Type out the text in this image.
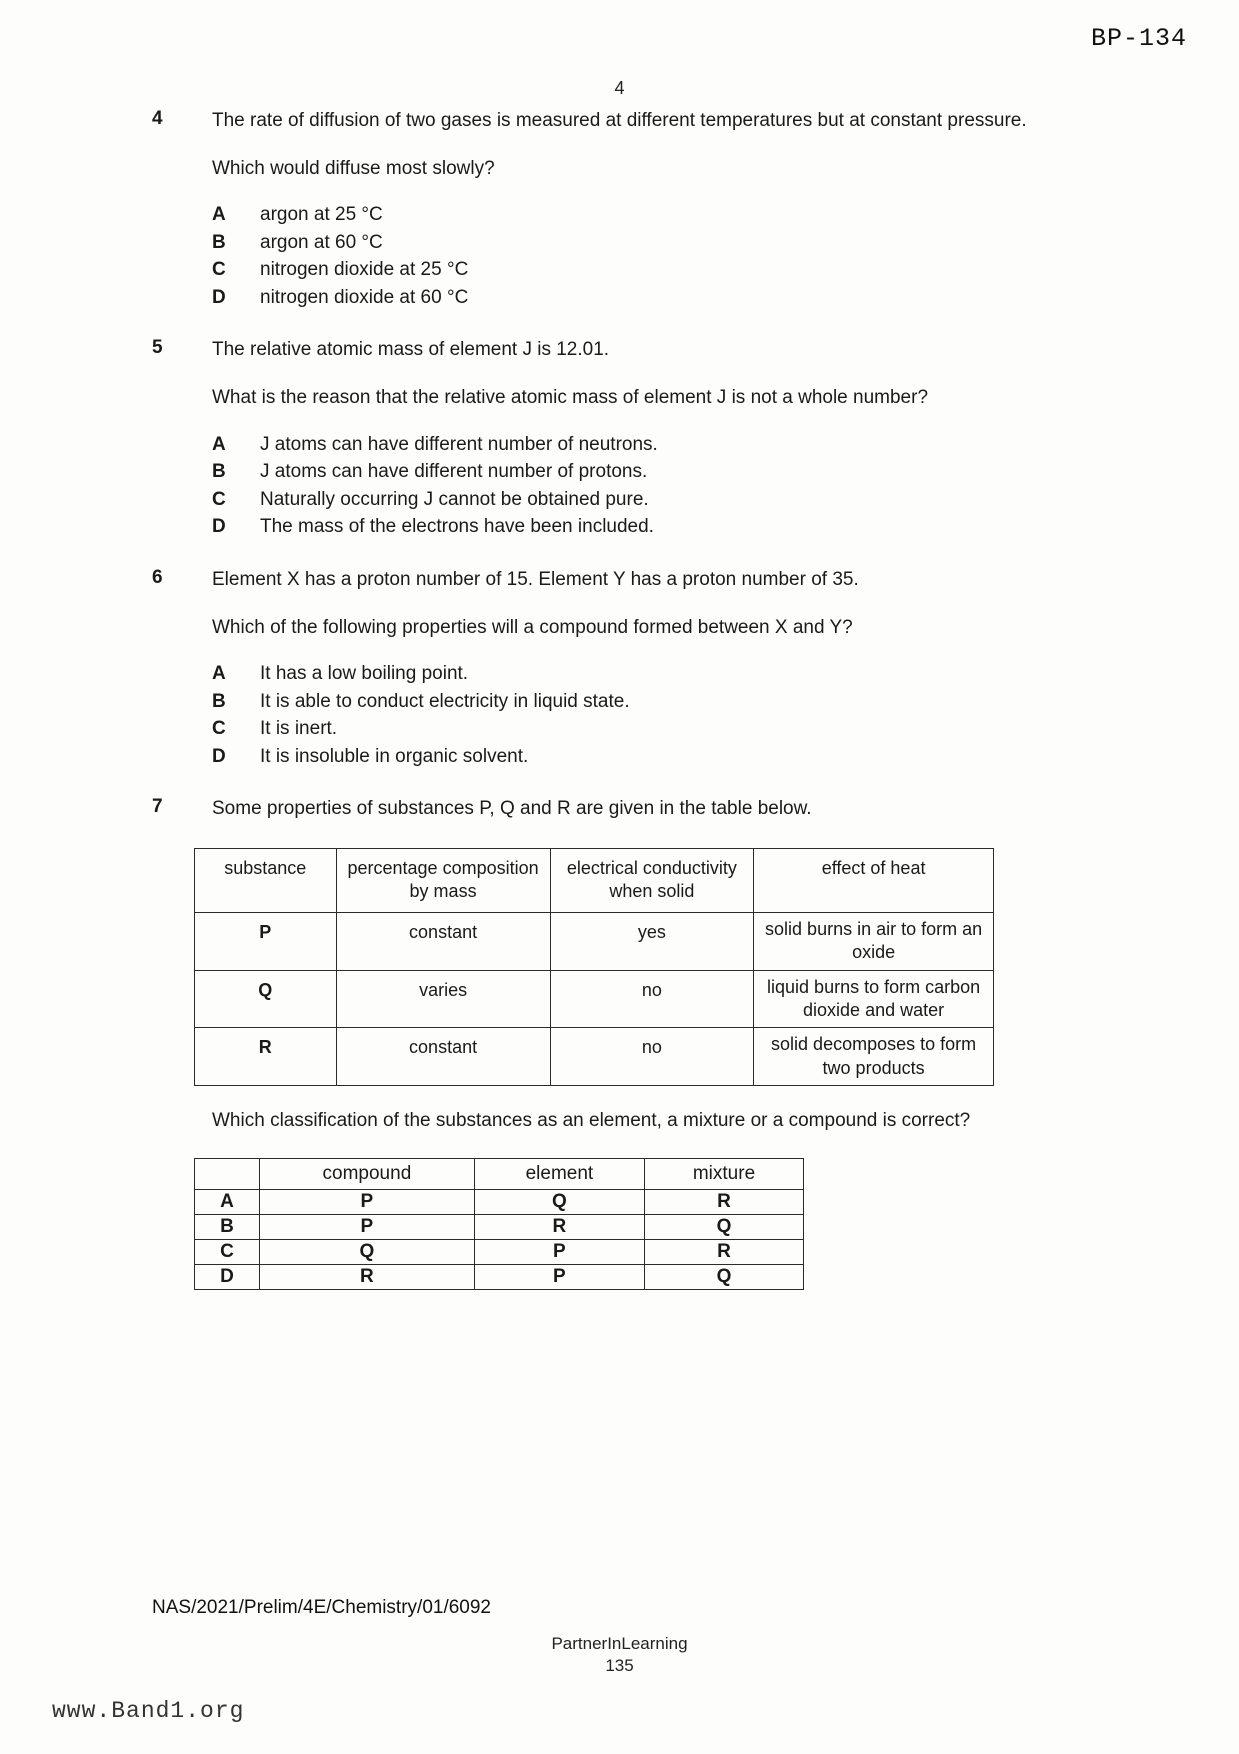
BP-134
4
4	The rate of diffusion of two gases is measured at different temperatures but at constant pressure.
Which would diffuse most slowly?
A	argon at 25 °C
B	argon at 60 °C
C	nitrogen dioxide at 25 °C
D	nitrogen dioxide at 60 °C
5	The relative atomic mass of element J is 12.01.
What is the reason that the relative atomic mass of element J is not a whole number?
A	J atoms can have different number of neutrons.
B	J atoms can have different number of protons.
C	Naturally occurring J cannot be obtained pure.
D	The mass of the electrons have been included.
6	Element X has a proton number of 15. Element Y has a proton number of 35.
Which of the following properties will a compound formed between X and Y?
A	It has a low boiling point.
B	It is able to conduct electricity in liquid state.
C	It is inert.
D	It is insoluble in organic solvent.
7	Some properties of substances P, Q and R are given in the table below.
substance	percentage composition by mass	electrical conductivity when solid	effect of heat
P	constant	yes	solid burns in air to form an oxide
Q	varies	no	liquid burns to form carbon dioxide and water
R	constant	no	solid decomposes to form two products
Which classification of the substances as an element, a mixture or a compound is correct?
	compound	element	mixture
A	P	Q	R
B	P	R	Q
C	Q	P	R
D	R	P	Q
NAS/2021/Prelim/4E/Chemistry/01/6092
PartnerInLearning
135
www.Band1.org
